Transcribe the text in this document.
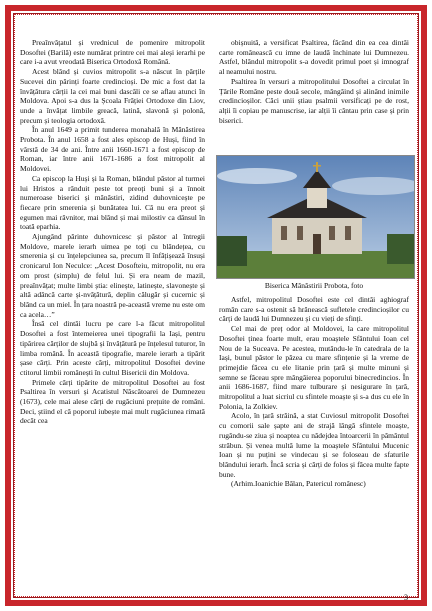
Preaînvățatul și vrednicul de pomenire mitropolit Dosoftei (Barilă) este numărat printre cei mai aleși ierarhi pe care i-a avut vreodată Biserica Ortodoxă Română.

Acest blând și cuvios mitropolit s-a născut în părțile Sucevei din părinți foarte credincioși. De mic a fost dat la învățătura cărții la cei mai buni dascăli ce se aflau atunci în Moldova. Apoi s-a dus la Școala Frăției Ortodoxe din Liov, unde a învățat limbile greacă, latină, slavonă și polonă, precum și teologia ortodoxă.

În anul 1649 a primit tunderea monahală în Mănăstirea Probota. În anul 1658 a fost ales episcop de Huși, fiind în vârstă de 34 de ani. Între anii 1660-1671 a fost episcop de Roman, iar între anii 1671-1686 a fost mitropolit al Moldovei.

Ca episcop la Huși și la Roman, blândul păstor al turmei lui Hristos a rânduit peste tot preoți buni și a înnoit numeroase biserici și mănăstiri, zidind duhovnicește pe fiecare prin smerenia și bunătatea lui. Că nu era preot și egumen mai râvnitor, mai blând și mai milostiv ca dânsul în toată eparhia.

Ajungând părinte duhovnicesc și păstor al întregii Moldove, marele ierarh uimea pe toți cu blândețea, cu smerenia și cu înțelepciunea sa, precum îl înfățișează însuși cronicarul Ion Neculce: „Acest Dosofteiu, mitropolit, nu era om prost (simplu) de felul lui. Și era neam de mazil, preaînvățat; multe limbi știa: elinește, latinește, slavonește și altă adâncă carte și-nvățătură, deplin călugăr și cucernic și blând ca un miel. În țara noastră pe-această vreme nu este om ca acela…”

Însă cel dintâi lucru pe care l-a făcut mitropolitul Dosoftei a fost întemeierea unei tipografii la Iași, pentru tipărirea cărților de slujbă și învățătură pe înțelesul tuturor, în limba română. În această tipografie, marele ierarh a tipărit șase cărți. Prin aceste cărți, mitropolitul Dosoftei devine ctitorul limbii românești în cultul Bisericii din Moldova.

Primele cărți tipărite de mitropolitul Dosoftei au fost Psaltirea în versuri și Acatistul Născătoarei de Dumnezeu (1673), cele mai alese cărți de rugăciuni prețuite de români. Deci, știind el că poporul iubește mai mult rugăciunea rimată decât cea

obișnuită, a versificat Psaltirea, făcând din ea cea dintâi carte românească cu imne de laudă închinate lui Dumnezeu. Astfel, blândul mitropolit s-a dovedit primul poet și imnograf al neamului nostru.

Psaltirea în versuri a mitropolitului Dosoftei a circulat în Țările Române peste două secole, mângâind și alinând inimile credincioșilor. Căci unii știau psalmii versificați pe de rost, alții îi copiau pe manuscrise, iar alții îi cântau prin case și prin biserici.

Biserica Mănăstirii Probota, foto

Astfel, mitropolitul Dosoftei este cel dintâi aghiograf român care s-a ostenit să hrănească sufletele credincioșilor cu cărți de laudă lui Dumnezeu și cu vieți de sfinți.

Cel mai de preț odor al Moldovei, la care mitropolitul Dosoftei ținea foarte mult, erau moaștele Sfântului Ioan cel Nou de la Suceava. Pe acestea, mutându-le în catedrala de la Iași, bunul păstor le păzea cu mare sfințenie și la vreme de primejdie făcea cu ele litanie prin țară și multe minuni și semne se făceau spre mângâierea poporului binecredincios. În anii 1686-1687, fiind mare tulburare și nesigurare în țară, mitropolitul a luat sicriul cu sfintele moaște și s-a dus cu ele în Polonia, la Zolkiev.

Acolo, în țară străină, a stat Cuviosul mitropolit Dosoftei cu comorii sale șapte ani de strajă lângă sfintele moaște, rugându-se ziua și noaptea cu nădejdea întoarcerii în pământul străbun. Și venea multă lume la moaștele Sfântului Mucenic Ioan și nu puțini se vindecau și se foloseau de sfaturile blândului ierarh. Încă scria și cărți de folos și făcea multe fapte bune.

(Arhim.Ioanichie Bălan, Patericul românesc)

3
